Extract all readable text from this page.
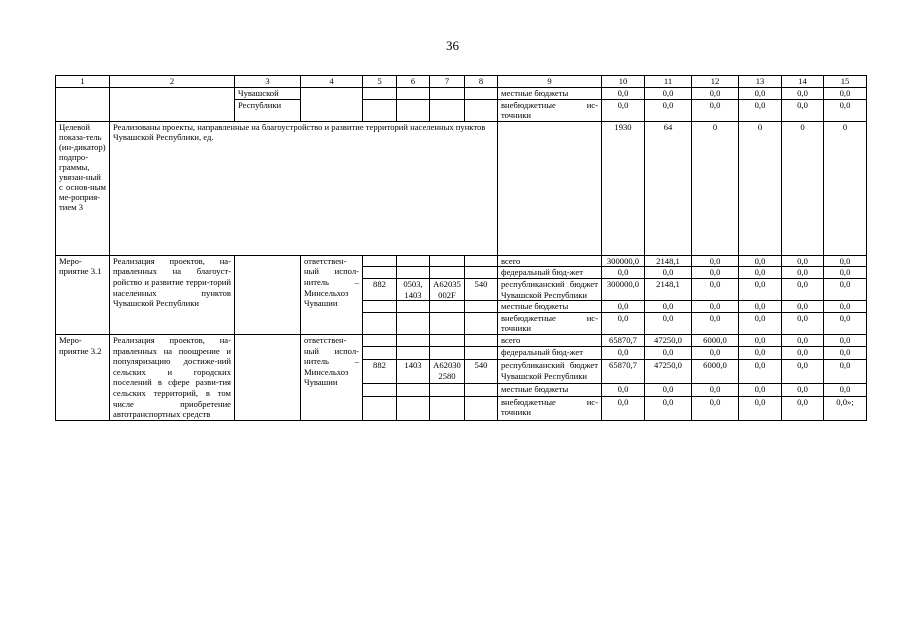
36
1	2	3	4	5	6	7	8	9	10	11	12	13	14	15
		Чувашской						местные бюджеты	0,0	0,0	0,0	0,0	0,0	0,0
		Республики						внебюджетные ис-точники	0,0	0,0	0,0	0,0	0,0	0,0
Целевой показа-тель (ин-дикатор) подпро-граммы, увязан-ный с основ-ным ме-роприя-тием 3	Реализованы проекты, направленные на благоустройство и развитие территорий населенных пунктов Чувашской Республики, ед.								1930	64	0	0	0	0
Меро-приятие 3.1	Реализация проектов, на-правленных на благоуст-ройство и развитие терри-торий населенных пунктов Чувашской Республики		ответствен-ный испол-нитель – Минсельхоз Чувашии					всего	300000,0	2148,1	0,0	0,0	0,0	0,0
								федеральный бюд-жет	0,0	0,0	0,0	0,0	0,0	0,0
				882	0503, 1403	А62035 002F	540	республиканский бюджет Чувашской Республики	300000,0	2148,1	0,0	0,0	0,0	0,0
								местные бюджеты	0,0	0,0	0,0	0,0	0,0	0,0
								внебюджетные ис-точники	0,0	0,0	0,0	0,0	0,0	0,0
Меро-приятие 3.2	Реализация проектов, на-правленных на поощрение и популяризацию достиже-ний сельских и городских поселений в сфере разви-тия сельских территорий, в том числе приобретение автотранспортных средств		ответствен-ный испол-нитель – Минсельхоз Чувашии					всего	65870,7	47250,0	6000,0	0,0	0,0	0,0
								федеральный бюд-жет	0,0	0,0	0,0	0,0	0,0	0,0
				882	1403	А62030 2580	540	республиканский бюджет Чувашской Республики	65870,7	47250,0	6000,0	0,0	0,0	0,0
								местные бюджеты	0,0	0,0	0,0	0,0	0,0	0,0
								внебюджетные ис-точники	0,0	0,0	0,0	0,0	0,0	0,0»;
